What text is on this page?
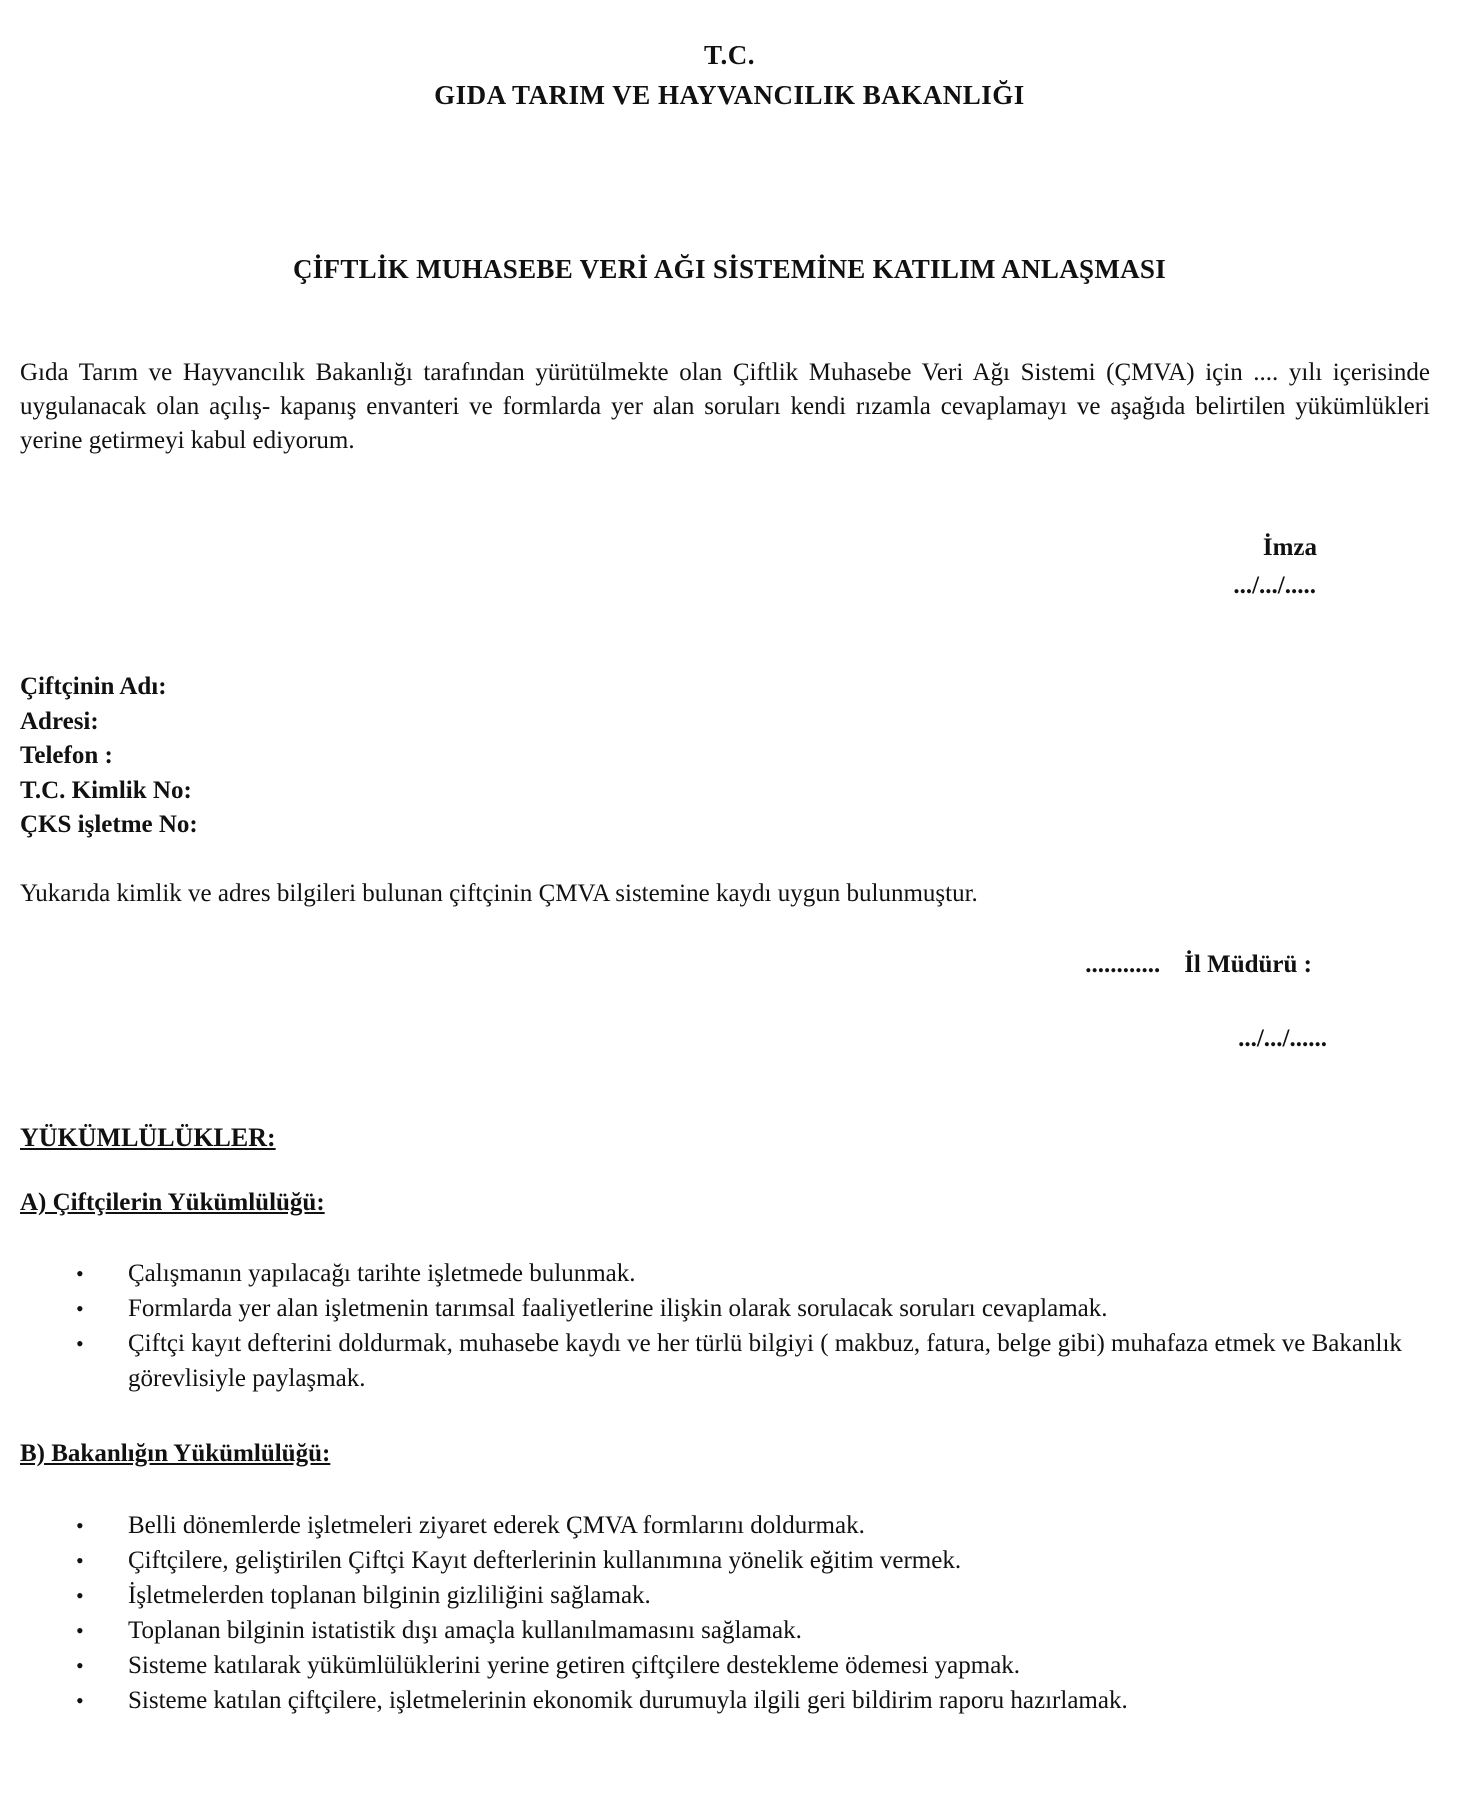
T.C.
GIDA TARIM VE HAYVANCILIK BAKANLIĞI
ÇİFTLİK MUHASEBE VERİ AĞI SİSTEMİNE KATILIM ANLAŞMASI
Gıda Tarım ve Hayvancılık Bakanlığı tarafından yürütülmekte olan Çiftlik Muhasebe Veri Ağı Sistemi (ÇMVA) için .... yılı içerisinde uygulanacak olan açılış- kapanış envanteri ve formlarda yer alan soruları kendi rızamla cevaplamayı ve aşağıda belirtilen yükümlükleri yerine getirmeyi kabul ediyorum.
İmza
.../.../.....
Çiftçinin Adı:
Adresi:
Telefon :
T.C. Kimlik No:
ÇKS işletme No:
Yukarıda kimlik ve adres bilgileri bulunan çiftçinin ÇMVA sistemine kaydı uygun bulunmuştur.
............ İl Müdürü :
.../.../......
YÜKÜMLÜLÜKLER:
A) Çiftçilerin Yükümlülüğü:
• Çalışmanın yapılacağı tarihte işletmede bulunmak.
• Formlarda yer alan işletmenin tarımsal faaliyetlerine ilişkin olarak sorulacak soruları cevaplamak.
• Çiftçi kayıt defterini doldurmak, muhasebe kaydı ve her türlü bilgiyi ( makbuz, fatura, belge gibi) muhafaza etmek ve Bakanlık görevlisiyle paylaşmak.
B) Bakanlığın Yükümlülüğü:
• Belli dönemlerde işletmeleri ziyaret ederek ÇMVA formlarını doldurmak.
• Çiftçilere, geliştirilen Çiftçi Kayıt defterlerinin kullanımına yönelik eğitim vermek.
• İşletmelerden toplanan bilginin gizliliğini sağlamak.
• Toplanan bilginin istatistik dışı amaçla kullanılmamasını sağlamak.
• Sisteme katılarak yükümlülüklerini yerine getiren çiftçilere destekleme ödemesi yapmak.
• Sisteme katılan çiftçilere, işletmelerinin ekonomik durumuyla ilgili geri bildirim raporu hazırlamak.
